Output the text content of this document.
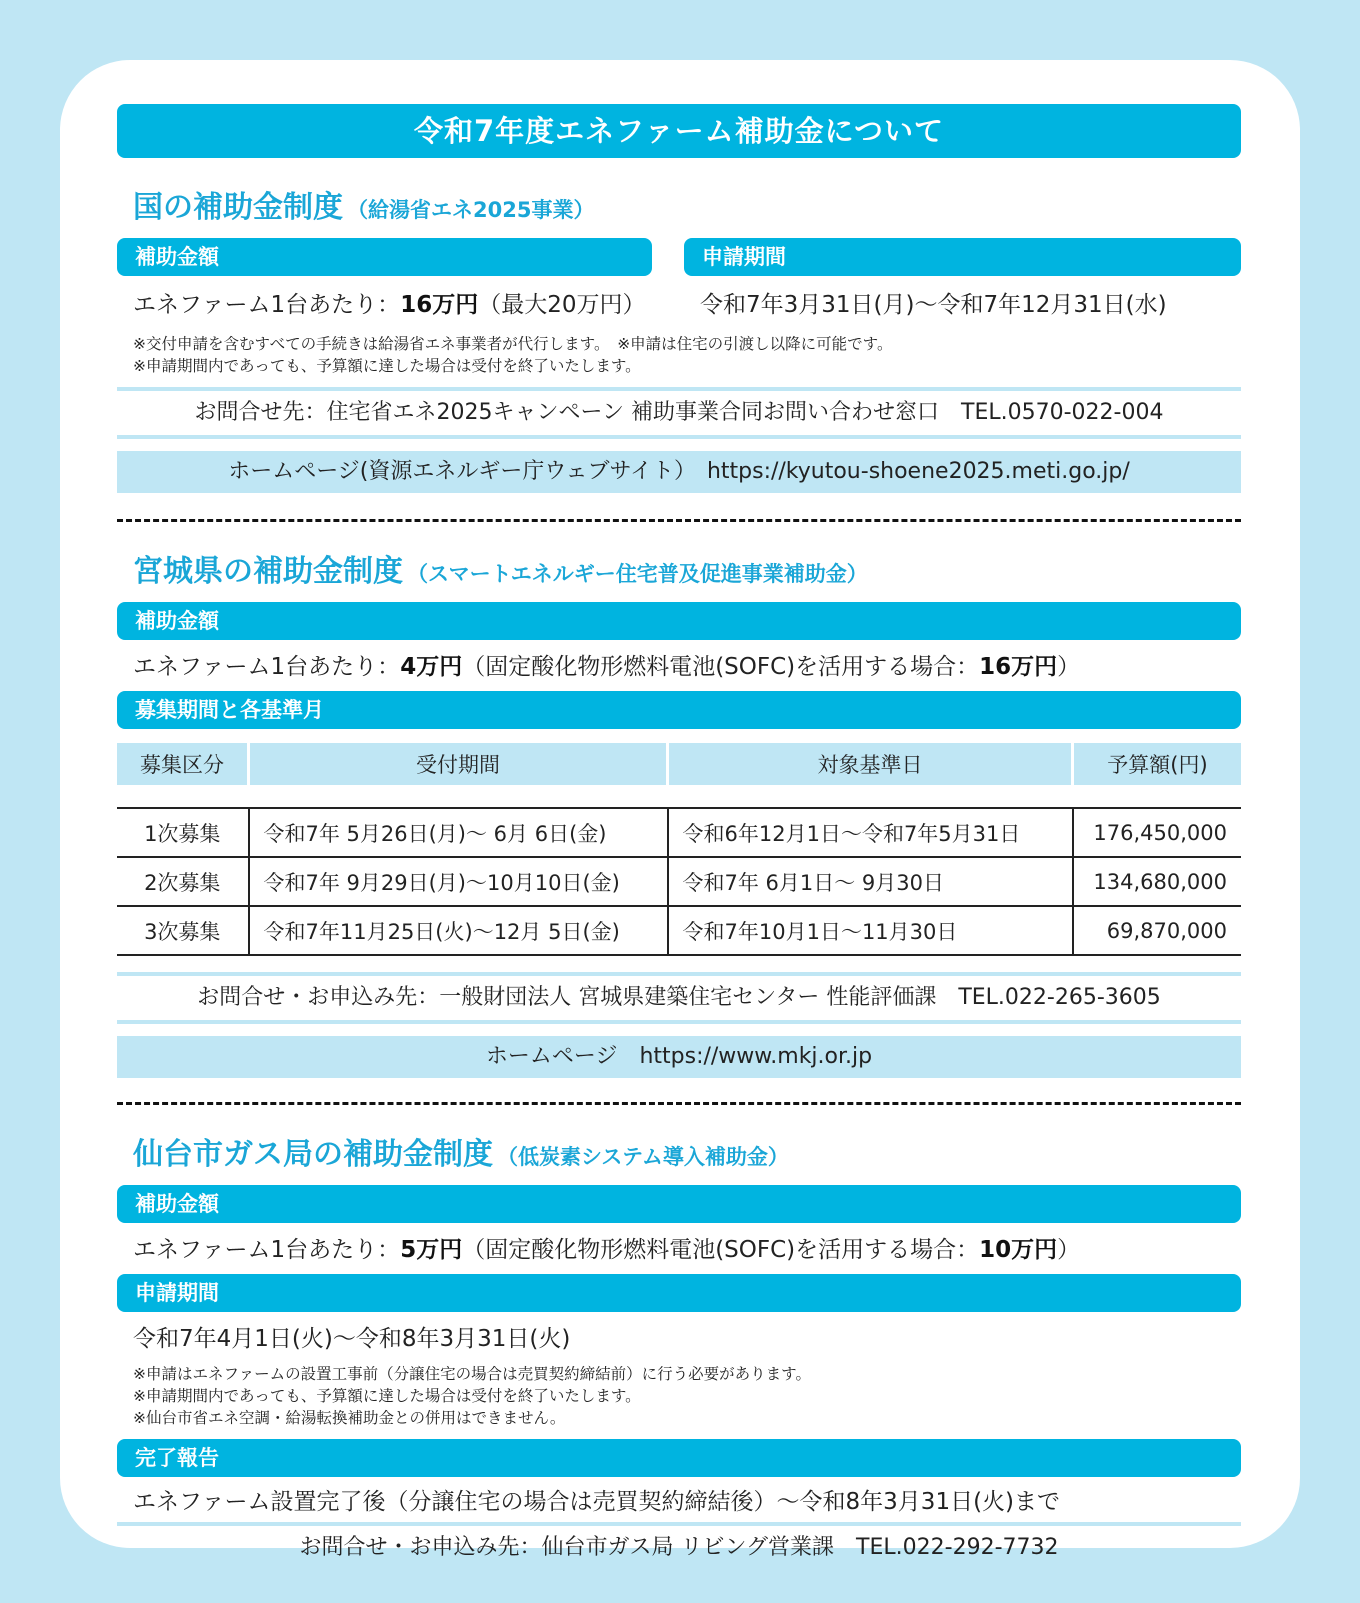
令和7年度エネファーム補助金について
国の補助金制度 （給湯省エネ2025事業）
補助金額
エネファーム1台あたり：16万円（最大20万円）
申請期間
令和7年3月31日(月)～令和7年12月31日(水)
※交付申請を含むすべての手続きは給湯省エネ事業者が代行します。　※申請は住宅の引渡し以降に可能です。
※申請期間内であっても、予算額に達した場合は受付を終了いたします。
お問合せ先：住宅省エネ2025キャンペーン 補助事業合同お問い合わせ窓口　TEL.0570-022-004
ホームページ(資源エネルギー庁ウェブサイト）　https://kyutou-shoene2025.meti.go.jp/
宮城県の補助金制度 （スマートエネルギー住宅普及促進事業補助金）
補助金額
エネファーム1台あたり：4万円（固定酸化物形燃料電池(SOFC)を活用する場合：16万円）
募集期間と各基準月
募集区分	受付期間	対象基準日	予算額(円)

1次募集	令和7年 5月26日(月)～ 6月 6日(金)	令和6年12月1日～令和7年5月31日	176,450,000
2次募集	令和7年 9月29日(月)～10月10日(金)	令和7年 6月1日～ 9月30日	134,680,000
3次募集	令和7年11月25日(火)～12月 5日(金)	令和7年10月1日～11月30日	69,870,000
お問合せ・お申込み先：一般財団法人 宮城県建築住宅センター 性能評価課　TEL.022-265-3605
ホームページ　https://www.mkj.or.jp
仙台市ガス局の補助金制度 （低炭素システム導入補助金）
補助金額
エネファーム1台あたり：5万円（固定酸化物形燃料電池(SOFC)を活用する場合：10万円）
申請期間
令和7年4月1日(火)～令和8年3月31日(火)
※申請はエネファームの設置工事前（分譲住宅の場合は売買契約締結前）に行う必要があります。
※申請期間内であっても、予算額に達した場合は受付を終了いたします。
※仙台市省エネ空調・給湯転換補助金との併用はできません。
完了報告
エネファーム設置完了後（分譲住宅の場合は売買契約締結後）～令和8年3月31日(火)まで
お問合せ・お申込み先：仙台市ガス局 リビング営業課　TEL.022-292-7732
